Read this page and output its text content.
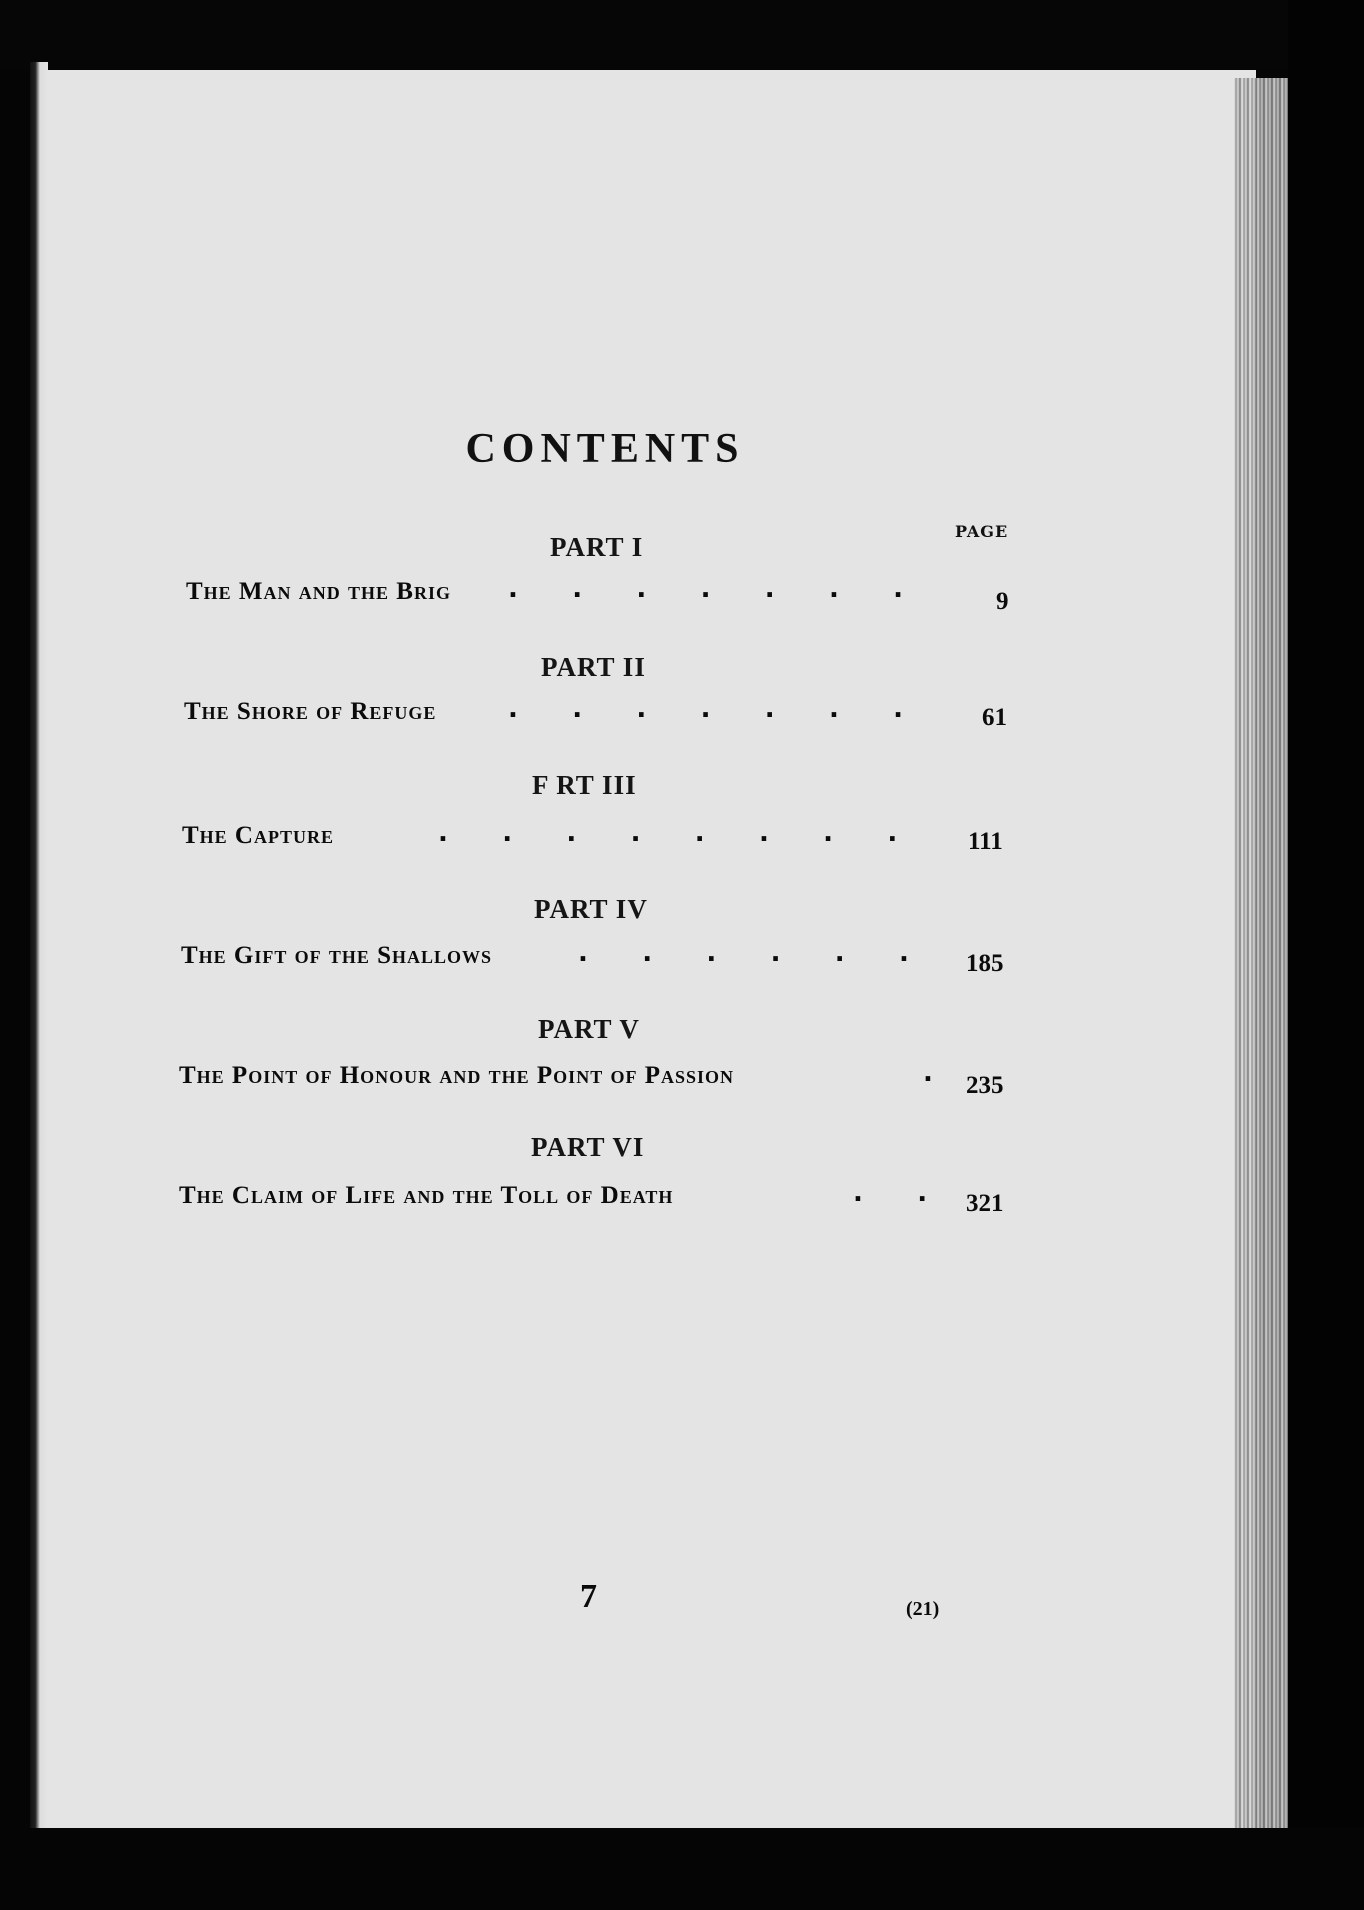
CONTENTS
PAGE
PART I
The Man and the Brig .      .      .      .      .      .      .	9
PART II
The Shore of Refuge	.      .      .      .      .      .      .	61
F RT III
The Capture	.      .      .      .      .      .      .      .	111
PART IV
The Gift of the Shallows	.      .      .      .      .      . 185
PART V
The Point of Honour and the Point of Passion	. 235
PART VI
The Claim of Life and the Toll of Death	.      . 321
7	(21)
